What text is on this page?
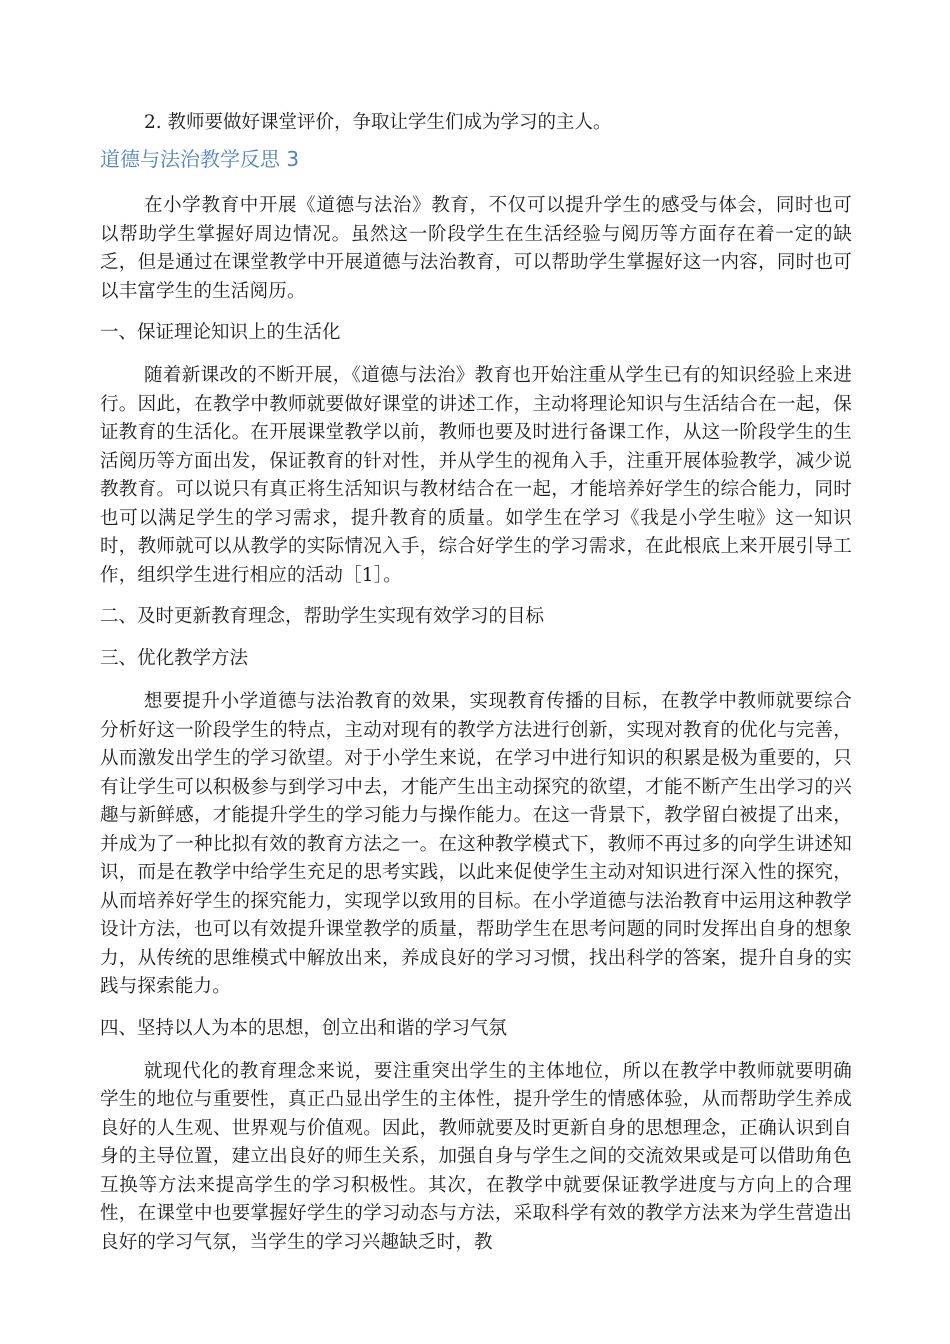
2. 教师要做好课堂评价，争取让学生们成为学习的主人。

道德与法治教学反思 3

在小学教育中开展《道德与法治》教育，不仅可以提升学生的感受与体会，同时也可以帮助学生掌握好周边情况。虽然这一阶段学生在生活经验与阅历等方面存在着一定的缺乏，但是通过在课堂教学中开展道德与法治教育，可以帮助学生掌握好这一内容，同时也可以丰富学生的生活阅历。

一、保证理论知识上的生活化

随着新课改的不断开展，《道德与法治》教育也开始注重从学生已有的知识经验上来进行。因此，在教学中教师就要做好课堂的讲述工作，主动将理论知识与生活结合在一起，保证教育的生活化。在开展课堂教学以前，教师也要及时进行备课工作，从这一阶段学生的生活阅历等方面出发，保证教育的针对性，并从学生的视角入手，注重开展体验教学，减少说教教育。可以说只有真正将生活知识与教材结合在一起，才能培养好学生的综合能力，同时也可以满足学生的学习需求，提升教育的质量。如学生在学习《我是小学生啦》这一知识时，教师就可以从教学的实际情况入手，综合好学生的学习需求，在此根底上来开展引导工作，组织学生进行相应的活动［1］。

二、及时更新教育理念，帮助学生实现有效学习的目标

三、优化教学方法

想要提升小学道德与法治教育的效果，实现教育传播的目标，在教学中教师就要综合分析好这一阶段学生的特点，主动对现有的教学方法进行创新，实现对教育的优化与完善，从而激发出学生的学习欲望。对于小学生来说，在学习中进行知识的积累是极为重要的，只有让学生可以积极参与到学习中去，才能产生出主动探究的欲望，才能不断产生出学习的兴趣与新鲜感，才能提升学生的学习能力与操作能力。在这一背景下，教学留白被提了出来，并成为了一种比拟有效的教育方法之一。在这种教学模式下，教师不再过多的向学生讲述知识，而是在教学中给学生充足的思考实践，以此来促使学生主动对知识进行深入性的探究，从而培养好学生的探究能力，实现学以致用的目标。在小学道德与法治教育中运用这种教学设计方法，也可以有效提升课堂教学的质量，帮助学生在思考问题的同时发挥出自身的想象力，从传统的思维模式中解放出来，养成良好的学习习惯，找出科学的答案，提升自身的实践与探索能力。

四、坚持以人为本的思想，创立出和谐的学习气氛

就现代化的教育理念来说，要注重突出学生的主体地位，所以在教学中教师就要明确学生的地位与重要性，真正凸显出学生的主体性，提升学生的情感体验，从而帮助学生养成良好的人生观、世界观与价值观。因此，教师就要及时更新自身的思想理念，正确认识到自身的主导位置，建立出良好的师生关系，加强自身与学生之间的交流效果或是可以借助角色互换等方法来提高学生的学习积极性。其次，在教学中就要保证教学进度与方向上的合理性，在课堂中也要掌握好学生的学习动态与方法，采取科学有效的教学方法来为学生营造出良好的学习气氛，当学生的学习兴趣缺乏时，教
